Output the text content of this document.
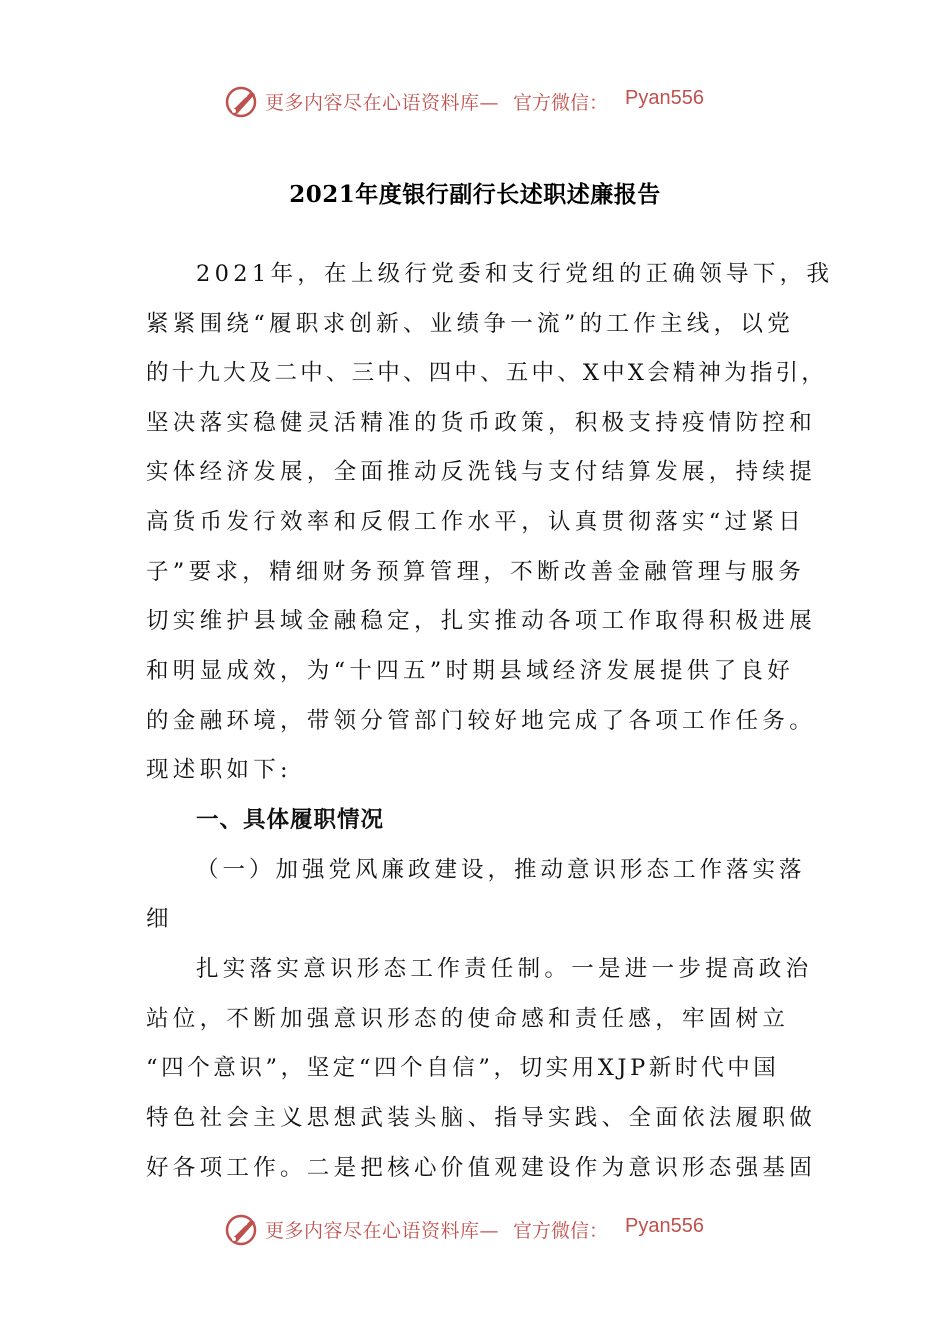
更多内容尽在心语资料库— 官方微信： Pyan556
2021年度银行副行长述职述廉报告
2021年，在上级行党委和支行党组的正确领导下，我
紧紧围绕“履职求创新、业绩争一流”的工作主线，以党
的十九大及二中、三中、四中、五中、X中X会精神为指引，
坚决落实稳健灵活精准的货币政策，积极支持疫情防控和
实体经济发展，全面推动反洗钱与支付结算发展，持续提
高货币发行效率和反假工作水平，认真贯彻落实“过紧日
子”要求，精细财务预算管理，不断改善金融管理与服务
切实维护县域金融稳定，扎实推动各项工作取得积极进展
和明显成效，为“十四五”时期县域经济发展提供了良好
的金融环境，带领分管部门较好地完成了各项工作任务。
现述职如下:
一、具体履职情况
（一）加强党风廉政建设，推动意识形态工作落实落
细
扎实落实意识形态工作责任制。一是进一步提高政治
站位，不断加强意识形态的使命感和责任感，牢固树立
“四个意识”，坚定“四个自信”，切实用XJP新时代中国
特色社会主义思想武装头脑、指导实践、全面依法履职做
好各项工作。二是把核心价值观建设作为意识形态强基固
更多内容尽在心语资料库— 官方微信： Pyan556
